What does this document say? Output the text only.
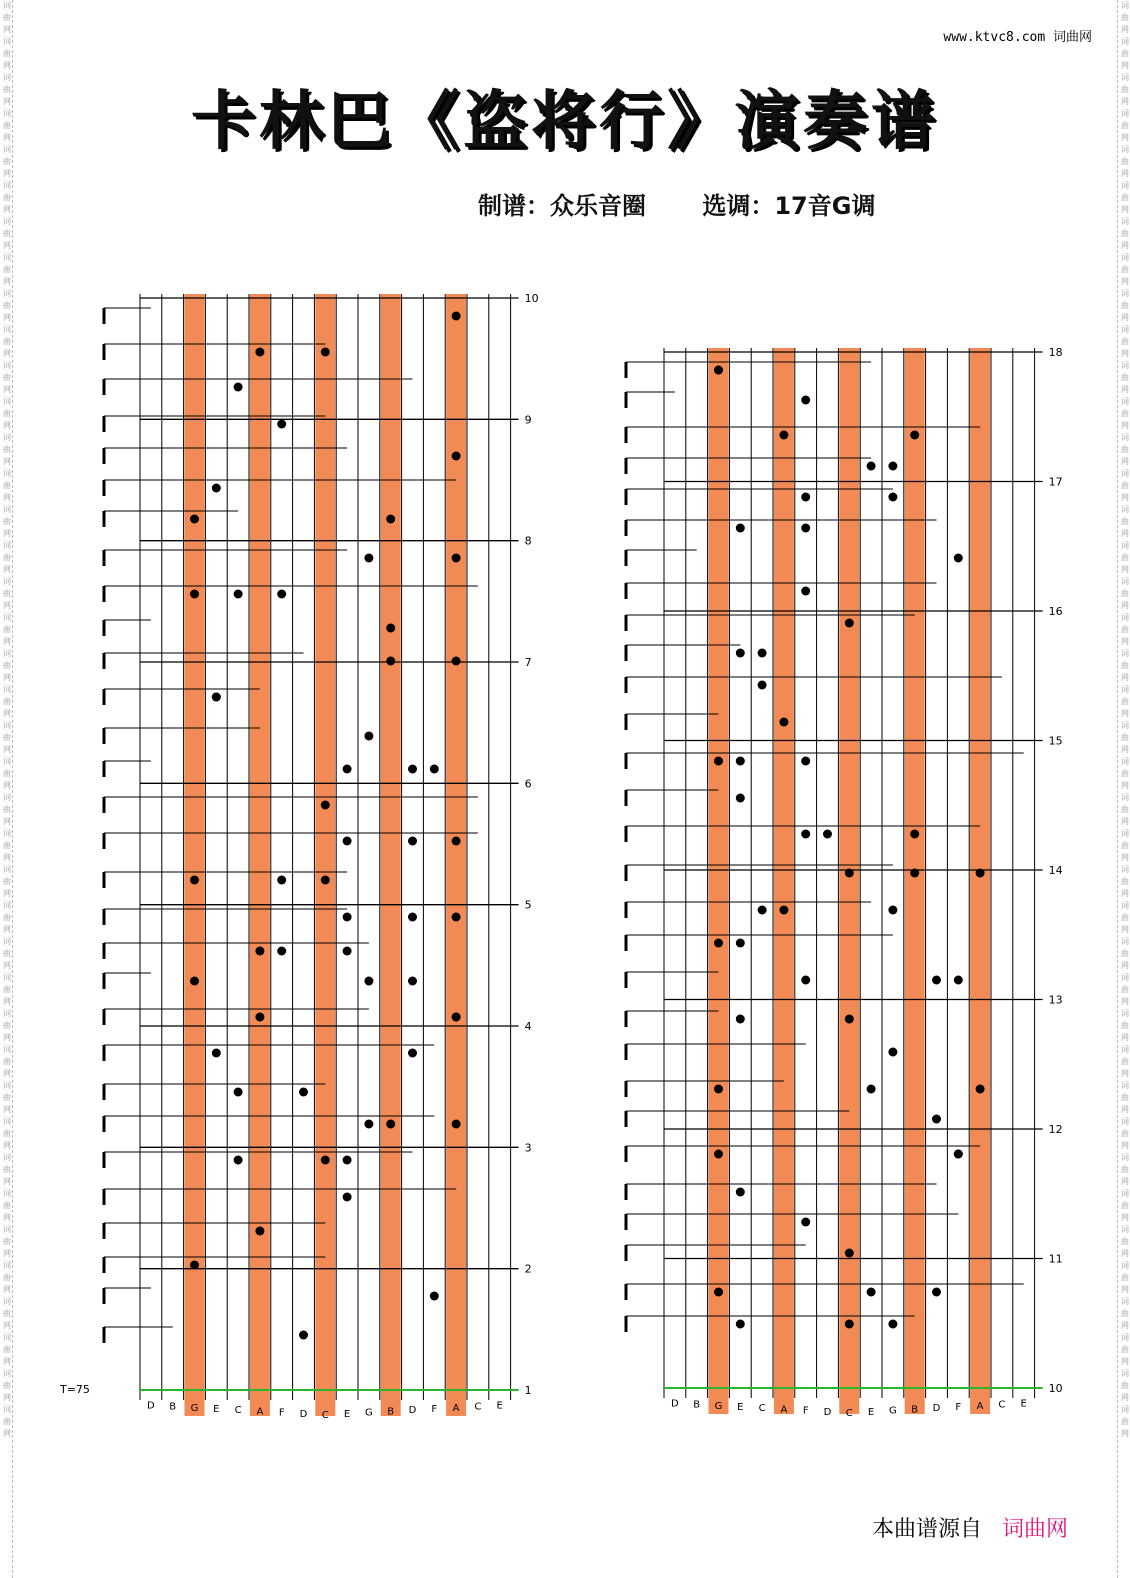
词
曲
网
词
曲
网
词
曲
网
词
曲
网
词
曲
网
词
曲
网
词
曲
网
词
曲
网
词
曲
网
词
曲
网
词
曲
网
词
曲
网
词
曲
网
词
曲
网
词
曲
网
词
曲
网
词
曲
网
词
曲
网
词
曲
网
词
曲
网
词
曲
网
词
曲
网
词
曲
网
词
曲
网
词
曲
网
词
曲
网
词
曲
网
词
曲
网
词
曲
网
词
曲
网
词
曲
网
词
曲
网
词
曲
网
词
曲
网
词
曲
网
词
曲
网
词
曲
网
词
曲
网
词
曲
网
词
曲
网

词
曲
网
词
曲
网
词
曲
网
词
曲
网
词
曲
网
词
曲
网
词
曲
网
词
曲
网
词
曲
网
词
曲
网
词
曲
网
词
曲
网
词
曲
网
词
曲
网
词
曲
网
词
曲
网
词
曲
网
词
曲
网
词
曲
网
词
曲
网
词
曲
网
词
曲
网
词
曲
网
词
曲
网
词
曲
网
词
曲
网
词
曲
网
词
曲
网
词
曲
网
词
曲
网
词
曲
网
词
曲
网
词
曲
网
词
曲
网
词
曲
网
词
曲
网
词
曲
网
词
曲
网
词
曲
网
词
曲
网

www.ktvc8.com 词曲网
卡林巴《盗将行》演奏谱
制谱：众乐音圈 选调：17音G调
10
9
8
7
6
5
4
3
2
1
D B G E C A F D C E G B D F A C E
18
17
16
15
14
13
12
11
10
D B G E C A F D C E G B D F A C E
T=75
本曲谱源自 词曲网
